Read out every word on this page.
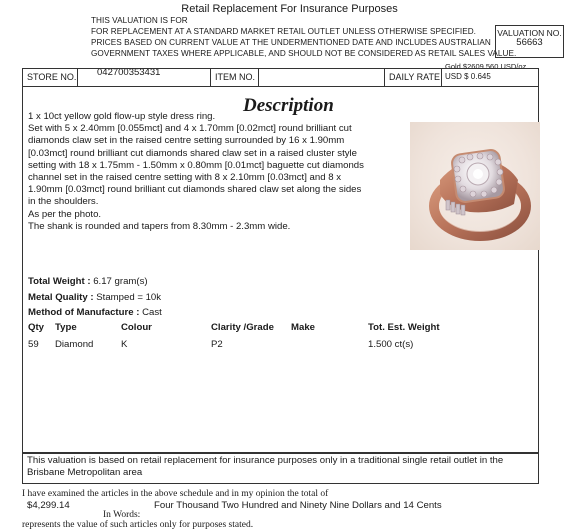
Retail Replacement For Insurance Purposes
THIS VALUATION IS FOR
FOR REPLACEMENT AT A STANDARD MARKET RETAIL OUTLET UNLESS OTHERWISE SPECIFIED.
PRICES BASED ON CURRENT VALUE AT THE UNDERMENTIONED DATE AND INCLUDES AUSTRALIAN
GOVERNMENT TAXES WHERE APPLICABLE, AND SHOULD NOT BE CONSIDERED AS RETAIL SALES VALUE.
VALUATION NO.
56663
Gold $2609.560 USD/oz
USD $ 0.645
042700353431
STORE NO.	ITEM NO.	DAILY RATE
Description
1 x 10ct yellow gold flow-up style dress ring.
Set with 5 x 2.40mm [0.055mct] and 4 x 1.70mm [0.02mct] round brilliant cut
diamonds claw set in the raised centre setting surrounded by 16 x 1.90mm
[0.03mct] round brilliant cut diamonds shared claw set in a raised cluster style
setting with 18 x 1.75mm - 1.50mm x 0.80mm [0.01mct] baguette cut diamonds
channel set in the raised centre setting with 8 x 2.10mm [0.03mct] and 8 x
1.90mm [0.03mct] round brilliant cut diamonds shared claw set along the sides
in the shoulders.
As per the photo.
The shank is rounded and tapers from 8.30mm - 2.3mm wide.
Total Weight : 6.17 gram(s)
Metal Quality : Stamped = 10k
Method of Manufacture : Cast
Qty Type	Colour	Clarity /Grade Make	Tot. Est. Weight
59 Diamond	K	P2	1.500 ct(s)
This valuation is based on retail replacement for insurance purposes only in a traditional single retail outlet in the Brisbane Metropolitan area
I have examined the articles in the above schedule and in my opinion the total of
$4,299.14
In Words:
Four Thousand Two Hundred and Ninety Nine Dollars and 14 Cents
represents the value of such articles only for purposes stated.
